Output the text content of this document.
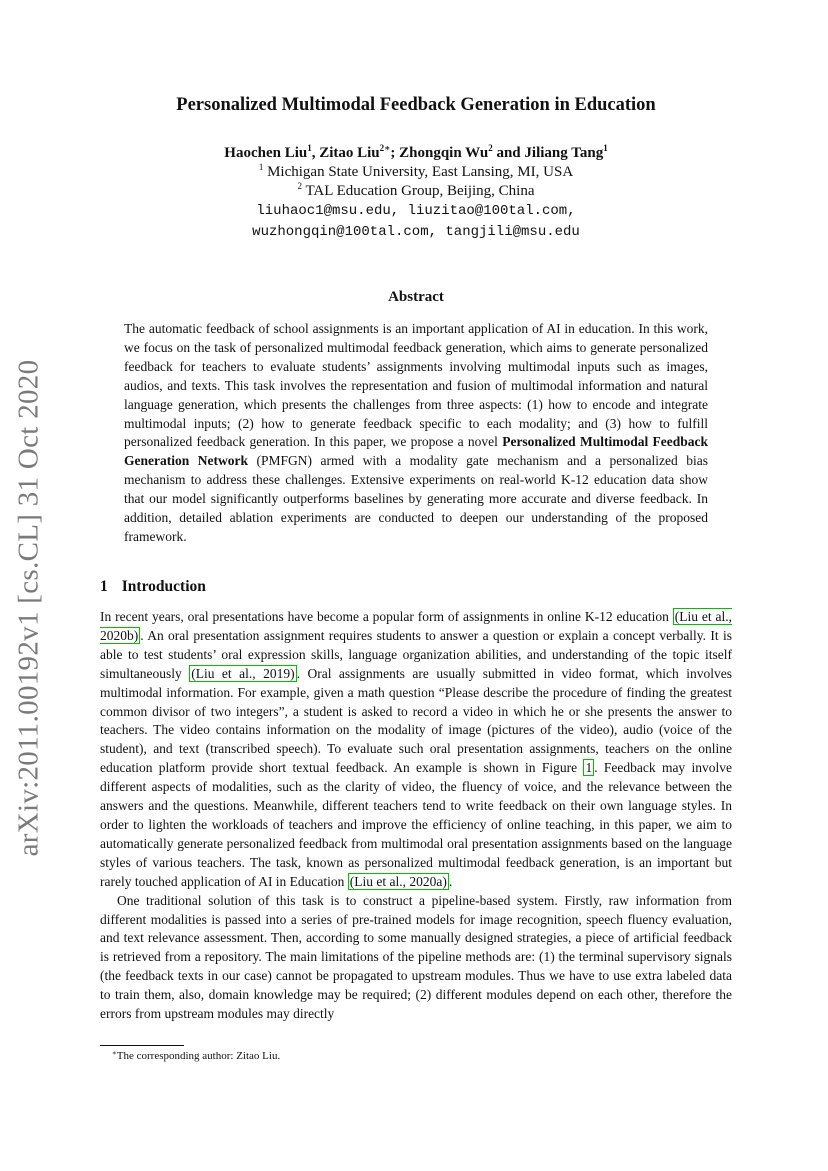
arXiv:2011.00192v1 [cs.CL] 31 Oct 2020
Personalized Multimodal Feedback Generation in Education
Haochen Liu$^1$, Zitao Liu$^{2∗}$; Zhongqin Wu$^2$ and Jiliang Tang$^1$
$^1$ Michigan State University, East Lansing, MI, USA
$^2$ TAL Education Group, Beijing, China
liuhaoc1@msu.edu, liuzitao@100tal.com,
wuzhongqin@100tal.com, tangjili@msu.edu
Abstract

The automatic feedback of school assignments is an important application of AI in education. In this work, we focus on the task of personalized multimodal feedback generation, which aims to generate personalized feedback for teachers to evaluate students’ assignments involving multimodal inputs such as images, audios, and texts. This task involves the representation and fusion of multimodal information and natural language generation, which presents the challenges from three aspects: (1) how to encode and integrate multimodal inputs; (2) how to generate feedback specific to each modality; and (3) how to fulfill personalized feedback generation. In this paper, we propose a novel Personalized Multimodal Feedback Generation Network (PMFGN) armed with a modality gate mechanism and a personalized bias mechanism to address these challenges. Extensive experiments on real-world K-12 education data show that our model significantly outperforms baselines by generating more accurate and diverse feedback. In addition, detailed ablation experiments are conducted to deepen our understanding of the proposed framework.

1 Introduction

In recent years, oral presentations have become a popular form of assignments in online K-12 education (Liu et al., 2020b) . An oral presentation assignment requires students to answer a question or explain a concept verbally. It is able to test students’ oral expression skills, language organization abilities, and understanding of the topic itself simultaneously (Liu et al., 2019) . Oral assignments are usually submitted in video format, which involves multimodal information. For example, given a math question “Please describe the procedure of finding the greatest common divisor of two integers”, a student is asked to record a video in which he or she presents the answer to teachers. The video contains information on the modality of image (pictures of the video), audio (voice of the student), and text (transcribed speech). To evaluate such oral presentation assignments, teachers on the online education platform provide short textual feedback. An example is shown in Figure 1 . Feedback may involve different aspects of modalities, such as the clarity of video, the fluency of voice, and the relevance between the answers and the questions. Meanwhile, different teachers tend to write feedback on their own language styles. In order to lighten the workloads of teachers and improve the efficiency of online teaching, in this paper, we aim to automatically generate personalized feedback from multimodal oral presentation assignments based on the language styles of various teachers. The task, known as personalized multimodal feedback generation, is an important but rarely touched application of AI in Education (Liu et al., 2020a) .

One traditional solution of this task is to construct a pipeline-based system. Firstly, raw information from different modalities is passed into a series of pre-trained models for image recognition, speech fluency evaluation, and text relevance assessment. Then, according to some manually designed strategies, a piece of artificial feedback is retrieved from a repository. The main limitations of the pipeline methods are: (1) the terminal supervisory signals (the feedback texts in our case) cannot be propagated to upstream modules. Thus we have to use extra labeled data to train them, also, domain knowledge may be required; (2) different modules depend on each other, therefore the errors from upstream modules may directly

∗The corresponding author: Zitao Liu.
